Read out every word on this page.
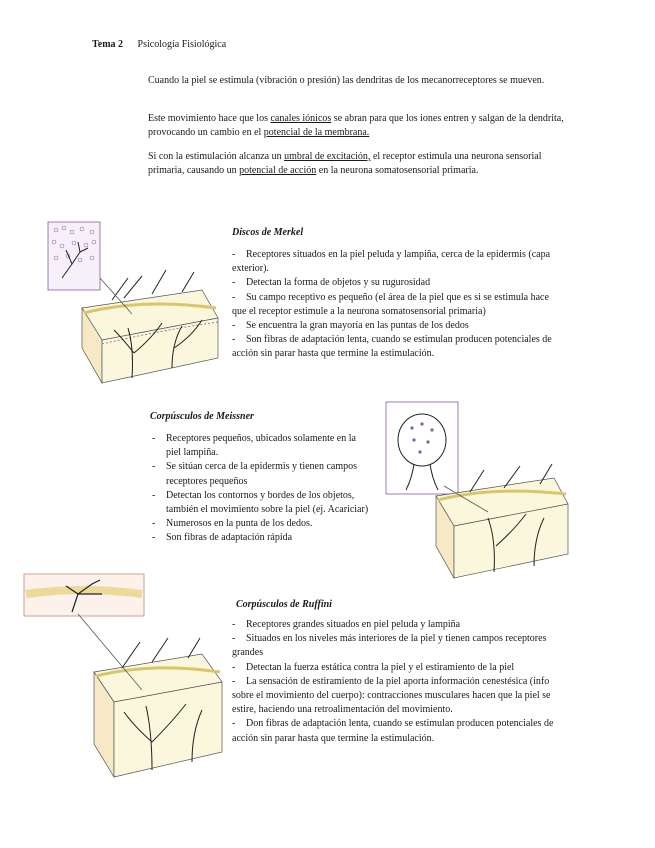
Tema 2 Psicología Fisiológica

Cuando la piel se estimula (vibración o presión) las dendritas de los mecanorreceptores se mueven.

Este movimiento hace que los canales iónicos se abran para que los iones entren y salgan de la dendrita, provocando un cambio en el potencial de la membrana.

Si con la estimulación alcanza un umbral de excitación, el receptor estimula una neurona sensorial primaria, causando un potencial de acción en la neurona somatosensorial primaria.

Discos de Merkel
- Receptores situados en la piel peluda y lampiña, cerca de la epidermis (capa exterior).
- Detectan la forma de objetos y su rugurosidad
- Su campo receptivo es pequeño (el área de la piel que es si se estimula hace que el receptor estimule a la neurona somatosensorial primaria)
- Se encuentra la gran mayoría en las puntas de los dedos
- Son fibras de adaptación lenta, cuando se estimulan producen potenciales de acción sin parar hasta que termine la estimulación.
Corpúsculos de Meissner
- Receptores pequeños, ubicados solamente en la piel lampiña.
- Se sitúan cerca de la epidermis y tienen campos receptores pequeños
- Detectan los contornos y bordes de los objetos, también el movimiento sobre la piel (ej. Acariciar)
- Numerosos en la punta de los dedos.
- Son fibras de adaptación rápida
Corpúsculos de Ruffini
- Receptores grandes situados en piel peluda y lampiña
- Situados en los niveles más interiores de la piel y tienen campos receptores grandes
- Detectan la fuerza estática contra la piel y el estiramiento de la piel
- La sensación de estiramiento de la piel aporta información cenestésica (info sobre el movimiento del cuerpo): contracciones musculares hacen que la piel se estire, haciendo una retroalimentación del movimiento.
- Don fibras de adaptación lenta, cuando se estimulan producen potenciales de acción sin parar hasta que termine la estimulación.
